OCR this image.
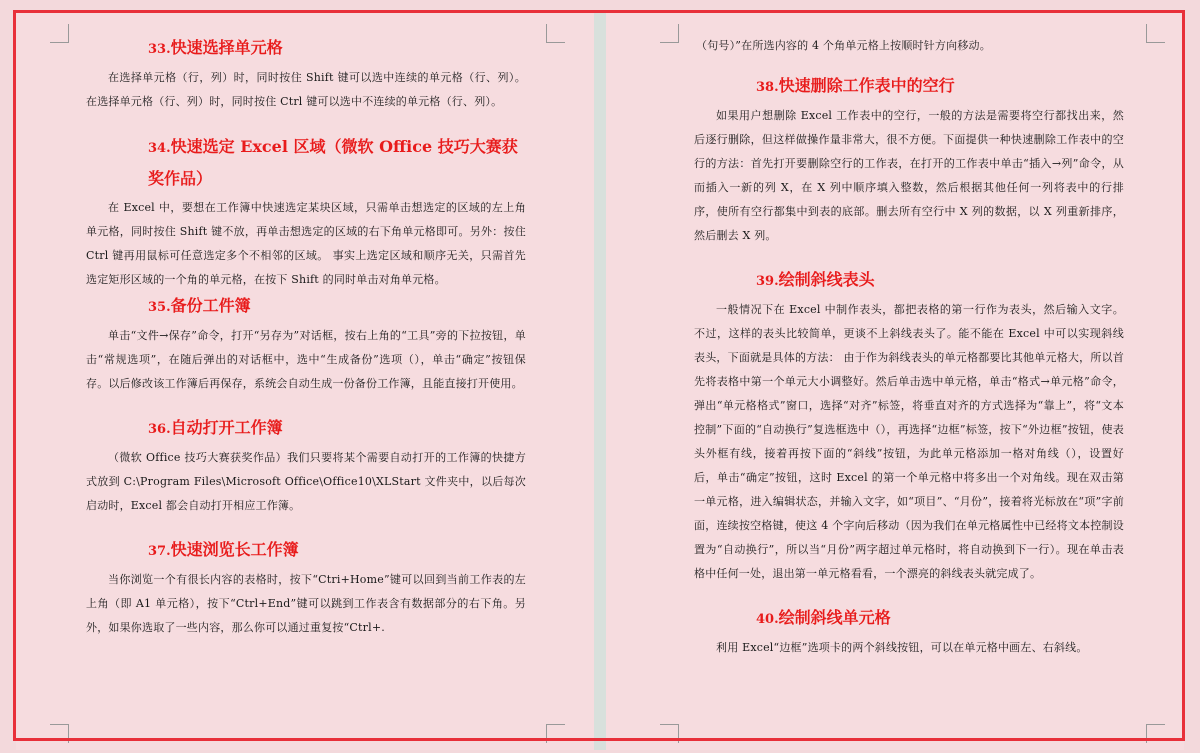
33.快速选择单元格

在选择单元格（行，列）时，同时按住 Shift 键可以选中连续的单元格（行、列）。 在选择单元格（行、列）时，同时按住 Ctrl 键可以选中不连续的单元格（行、列）。

34.快速选定 Excel 区域（微软 Office 技巧大赛获奖作品）

在 Excel 中，要想在工作簿中快速选定某块区域，只需单击想选定的区域的左上角单元格，同时按住 Shift 键不放，再单击想选定的区域的右下角单元格即可。另外：按住 Ctrl 键再用鼠标可任意选定多个不相邻的区域。 事实上选定区域和顺序无关，只需首先选定矩形区域的一个角的单元格，在按下 Shift 的同时单击对角单元格。

35.备份工件簿

单击“文件→保存”命令，打开“另存为”对话框，按右上角的“工具”旁的下拉按钮，单击“常规选项”，在随后弹出的对话框中，选中“生成备份”选项（），单击“确定”按钮保存。以后修改该工作簿后再保存，系统会自动生成一份备份工作簿，且能直接打开使用。

36.自动打开工作簿

（微软 Office 技巧大赛获奖作品）我们只要将某个需要自动打开的工作簿的快捷方式放到 C:\Program Files\Microsoft Office\Office10\XLStart 文件夹中，以后每次启动时，Excel 都会自动打开相应工作簿。

37.快速浏览长工作簿

当你浏览一个有很长内容的表格时，按下“Ctri+Home”键可以回到当前工作表的左上角（即 A1 单元格），按下“Ctrl+End”键可以跳到工作表含有数据部分的右下角。另外，如果你选取了一些内容，那么你可以通过重复按“Ctrl+.

（句号）”在所选内容的 4 个角单元格上按顺时针方向移动。

38.快速删除工作表中的空行

如果用户想删除 Excel 工作表中的空行，一般的方法是需要将空行都找出来，然后逐行删除，但这样做操作量非常大，很不方便。下面提供一种快速删除工作表中的空行的方法：首先打开要删除空行的工作表，在打开的工作表中单击“插入→列”命令，从而插入一新的列 X，在 X 列中顺序填入整数，然后根据其他任何一列将表中的行排序，使所有空行都集中到表的底部。删去所有空行中 X 列的数据，以 X 列重新排序，然后删去 X 列。

39.绘制斜线表头

一般情况下在 Excel 中制作表头，都把表格的第一行作为表头，然后输入文字。不过，这样的表头比较简单，更谈不上斜线表头了。能不能在 Excel 中可以实现斜线表头，下面就是具体的方法： 由于作为斜线表头的单元格都要比其他单元格大，所以首先将表格中第一个单元大小调整好。然后单击选中单元格，单击“格式→单元格”命令，弹出“单元格格式”窗口，选择“对齐”标签，将垂直对齐的方式选择为“靠上”，将“文本控制”下面的“自动换行”复选框选中（），再选择“边框”标签，按下“外边框”按钮，使表头外框有线，接着再按下面的“斜线”按钮，为此单元格添加一格对角线（），设置好后，单击“确定”按钮，这时 Excel 的第一个单元格中将多出一个对角线。现在双击第一单元格，进入编辑状态，并输入文字，如“项目”、“月份”，接着将光标放在“项”字前面，连续按空格键，使这 4 个字向后移动（因为我们在单元格属性中已经将文本控制设置为“自动换行”，所以当“月份”两字超过单元格时，将自动换到下一行）。现在单击表格中任何一处，退出第一单元格看看，一个漂亮的斜线表头就完成了。

40.绘制斜线单元格

利用 Excel“边框”选项卡的两个斜线按钮，可以在单元格中画左、右斜线。
